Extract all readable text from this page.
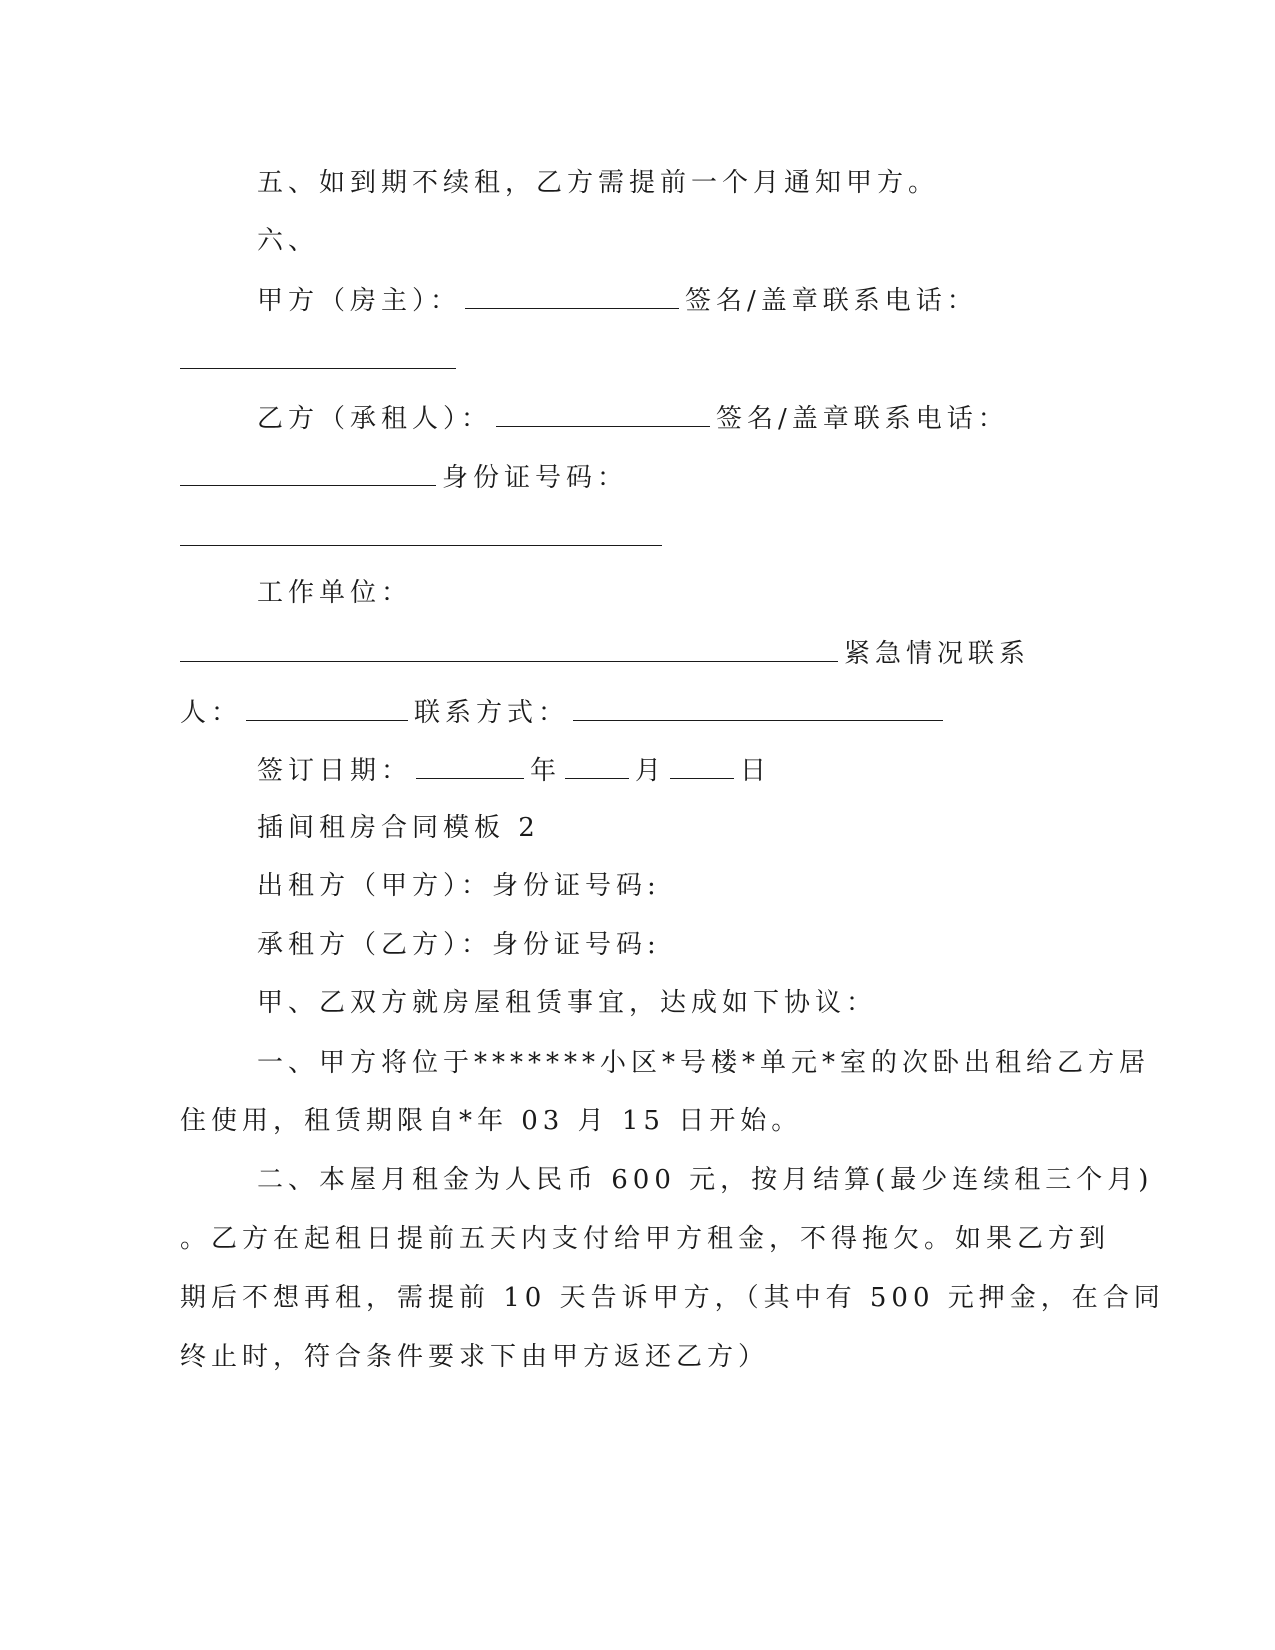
五、如到期不续租，乙方需提前一个月通知甲方。
六、
甲方（房主）：	签名/盖章联系电话：
乙方（承租人）：	签名/盖章联系电话：
身份证号码：
工作单位：
紧急情况联系
人：	联系方式：
签订日期：	年	月	日
插间租房合同模板 2
出租方（甲方）：身份证号码:
承租方（乙方）：身份证号码:
甲、乙双方就房屋租赁事宜，达成如下协议：
一、甲方将位于*******小区*号楼*单元*室的次卧出租给乙方居
住使用，租赁期限自*年 03 月 15 日开始。
二、本屋月租金为人民币 600 元，按月结算(最少连续租三个月)
。乙方在起租日提前五天内支付给甲方租金，不得拖欠。如果乙方到
期后不想再租，需提前 10 天告诉甲方，（其中有 500 元押金，在合同
终止时，符合条件要求下由甲方返还乙方）
